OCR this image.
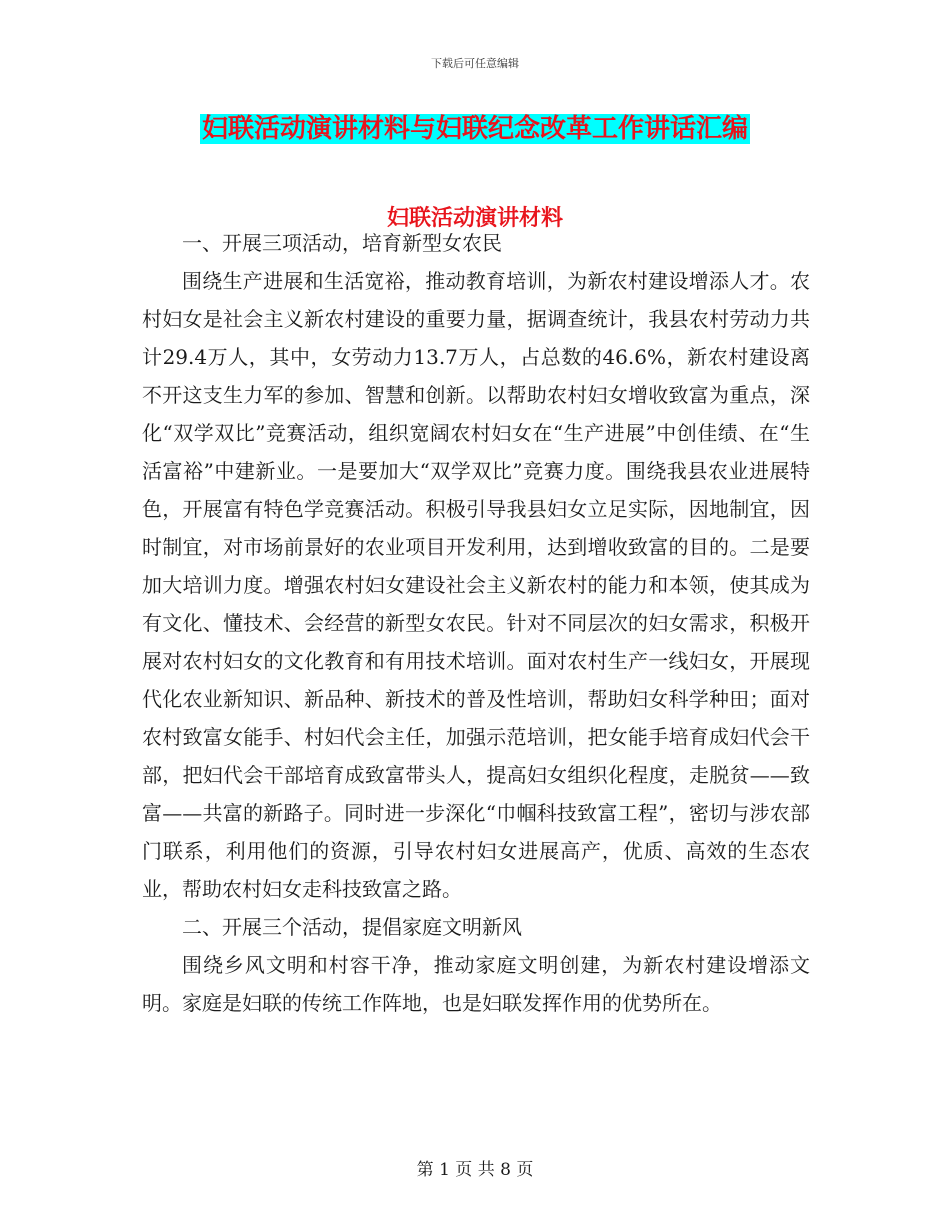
下载后可任意编辑
妇联活动演讲材料与妇联纪念改革工作讲话汇编
妇联活动演讲材料

一、开展三项活动，培育新型女农民

围绕生产进展和生活宽裕，推动教育培训，为新农村建设增添人才。农村妇女是社会主义新农村建设的重要力量，据调查统计，我县农村劳动力共计29.4万人，其中，女劳动力13.7万人，占总数的46.6%，新农村建设离不开这支生力军的参加、智慧和创新。以帮助农村妇女增收致富为重点，深化“双学双比”竞赛活动，组织宽阔农村妇女在“生产进展”中创佳绩、在“生活富裕”中建新业。一是要加大“双学双比”竞赛力度。围绕我县农业进展特色，开展富有特色学竞赛活动。积极引导我县妇女立足实际，因地制宜，因时制宜，对市场前景好的农业项目开发利用，达到增收致富的目的。二是要加大培训力度。增强农村妇女建设社会主义新农村的能力和本领，使其成为有文化、懂技术、会经营的新型女农民。针对不同层次的妇女需求，积极开展对农村妇女的文化教育和有用技术培训。面对农村生产一线妇女，开展现代化农业新知识、新品种、新技术的普及性培训，帮助妇女科学种田；面对农村致富女能手、村妇代会主任，加强示范培训，把女能手培育成妇代会干部，把妇代会干部培育成致富带头人，提高妇女组织化程度，走脱贫——致富——共富的新路子。同时进一步深化“巾帼科技致富工程”，密切与涉农部门联系，利用他们的资源，引导农村妇女进展高产，优质、高效的生态农业，帮助农村妇女走科技致富之路。

二、开展三个活动，提倡家庭文明新风

围绕乡风文明和村容干净，推动家庭文明创建，为新农村建设增添文明。家庭是妇联的传统工作阵地，也是妇联发挥作用的优势所在。

第 1 页 共 8 页
